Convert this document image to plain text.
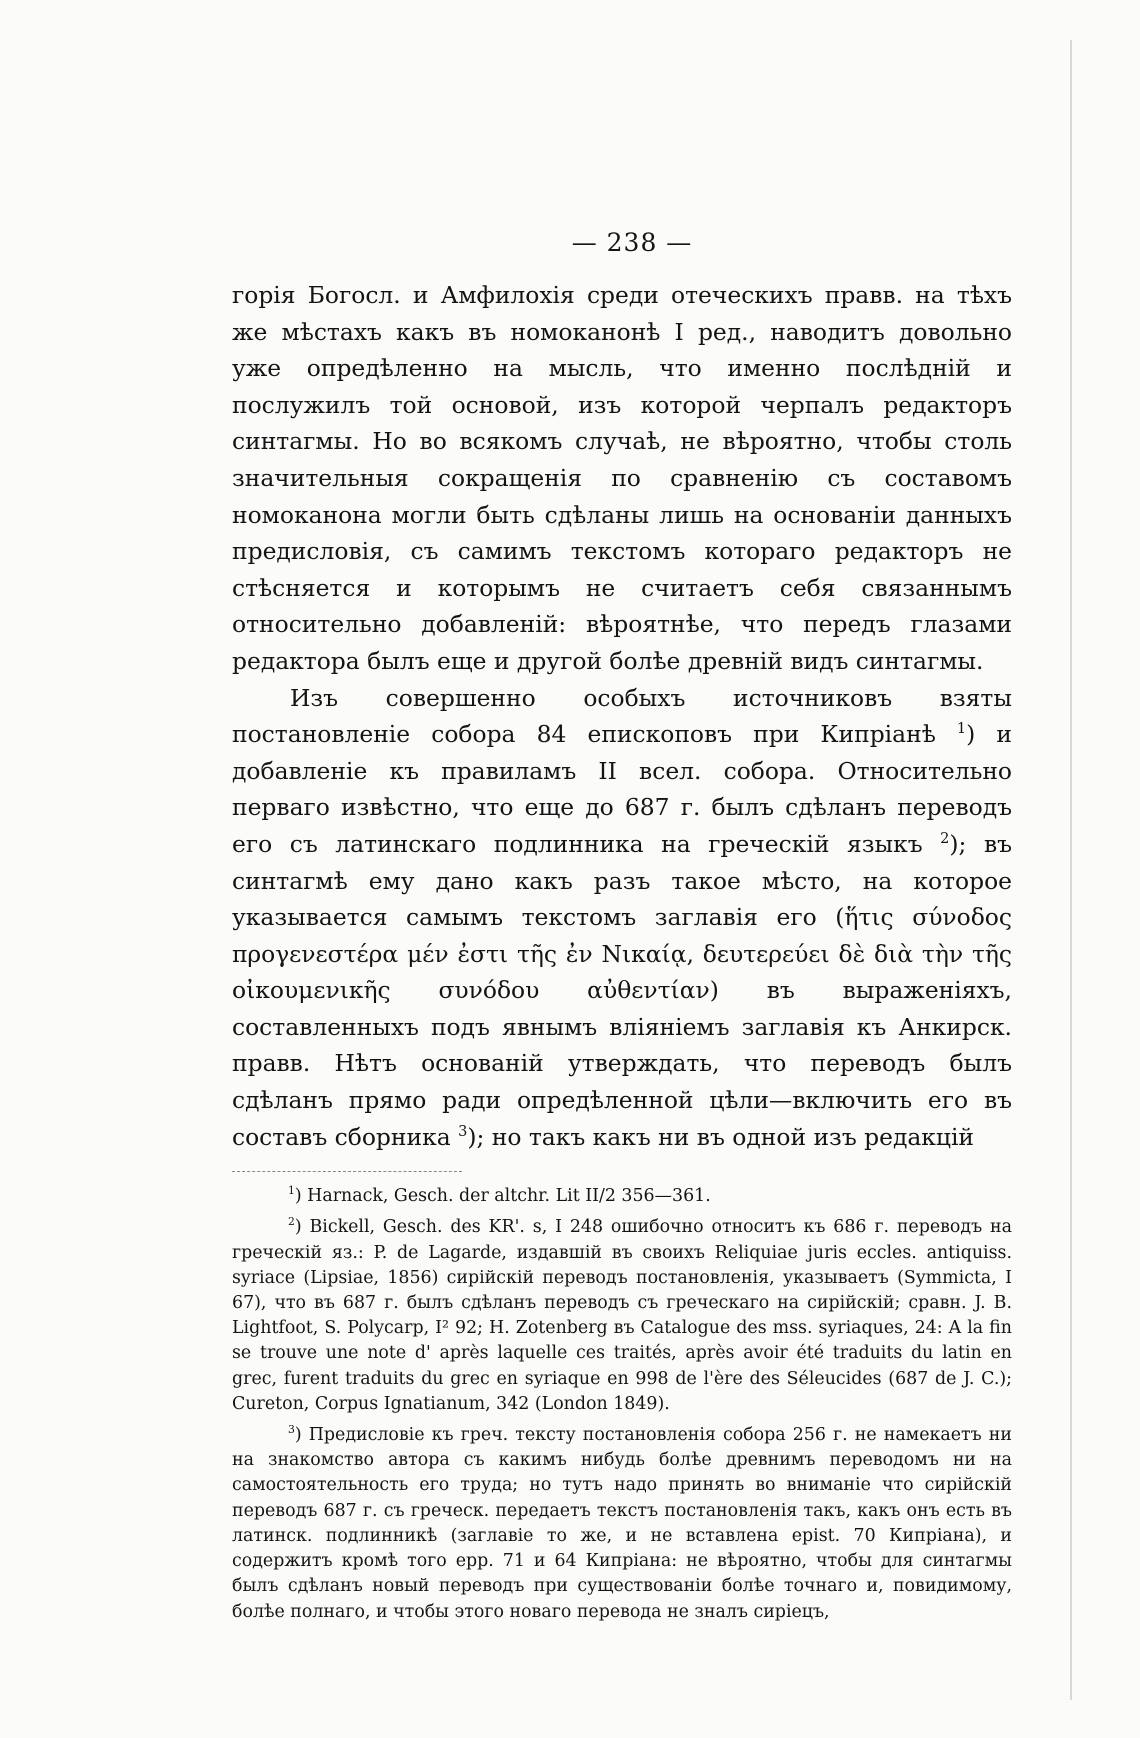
— 238 —

горія Богосл. и Амфилохія среди отеческихъ правв. на тѣхъ же мѣстахъ какъ въ номоканонѣ I ред., наводитъ довольно уже опредѣленно на мысль, что именно послѣдній и послужилъ той основой, изъ которой черпалъ редакторъ синтагмы. Но во всякомъ случаѣ, не вѣроятно, чтобы столь значительныя сокращенія по сравненію съ составомъ номоканона могли быть сдѣланы лишь на основаніи данныхъ предисловія, съ самимъ текстомъ котораго редакторъ не стѣсняется и которымъ не считаетъ себя связаннымъ относительно добавленій: вѣроятнѣе, что передъ глазами редактора былъ еще и другой болѣе древній видъ синтагмы.

Изъ совершенно особыхъ источниковъ взяты постановленіе собора 84 епископовъ при Кипріанѣ $^1$) и добавленіе къ правиламъ II всел. собора. Относительно перваго извѣстно, что еще до 687 г. былъ сдѣланъ переводъ его съ латинскаго подлинника на греческій языкъ $^2$); въ синтагмѣ ему дано какъ разъ такое мѣсто, на которое указывается самымъ текстомъ заглавія его (ἥτις σύνοδος προγενεστέρα μέν ἐστι τῆς ἐν Νικαίᾳ, δευτερεύει δὲ διὰ τὴν τῆς οἰκουμενικῆς συνόδου αὐθεντίαν) въ выраженіяхъ, составленныхъ подъ явнымъ вліяніемъ заглавія къ Анкирск. правв. Нѣтъ основаній утверждать, что переводъ былъ сдѣланъ прямо ради опредѣленной цѣли—включить его въ составъ сборника $^3$); но такъ какъ ни въ одной изъ редакцій

$^1$) Harnack, Gesch. der altchr. Lit II/2 356—361.

$^2$) Bickell, Gesch. des KR'. s, I 248 ошибочно относитъ къ 686 г. переводъ на греческій яз.: P. de Lagarde, издавшій въ своихъ Reliquiae juris eccles. antiquiss. syriace (Lipsiae, 1856) сирійскій переводъ постановленія, указываетъ (Symmicta, I 67), что въ 687 г. былъ сдѣланъ переводъ съ греческаго на сирійскій; сравн. J. B. Lightfoot, S. Polycarp, I² 92; H. Zotenberg въ Catalogue des mss. syriaques, 24: A la fin se trouve une note d' après laquelle ces traités, après avoir été traduits du latin en grec, furent traduits du grec en syriaque en 998 de l'ère des Séleucides (687 de J. C.); Cureton, Corpus Ignatianum, 342 (London 1849).

$^3$) Предисловіе къ греч. тексту постановленія собора 256 г. не намекаетъ ни на знакомство автора съ какимъ нибудь болѣе древнимъ переводомъ ни на самостоятельность его труда; но тутъ надо принять во вниманіе что сирійскій переводъ 687 г. съ греческ. передаетъ текстъ постановленія такъ, какъ онъ есть въ латинск. подлинникѣ (заглавіе то же, и не вставлена epist. 70 Кипріана), и содержитъ кромѣ того epp. 71 и 64 Кипріана: не вѣроятно, чтобы для синтагмы былъ сдѣланъ новый переводъ при существованіи болѣе точнаго и, повидимому, болѣе полнаго, и чтобы этого новаго перевода не зналъ сиріецъ,
